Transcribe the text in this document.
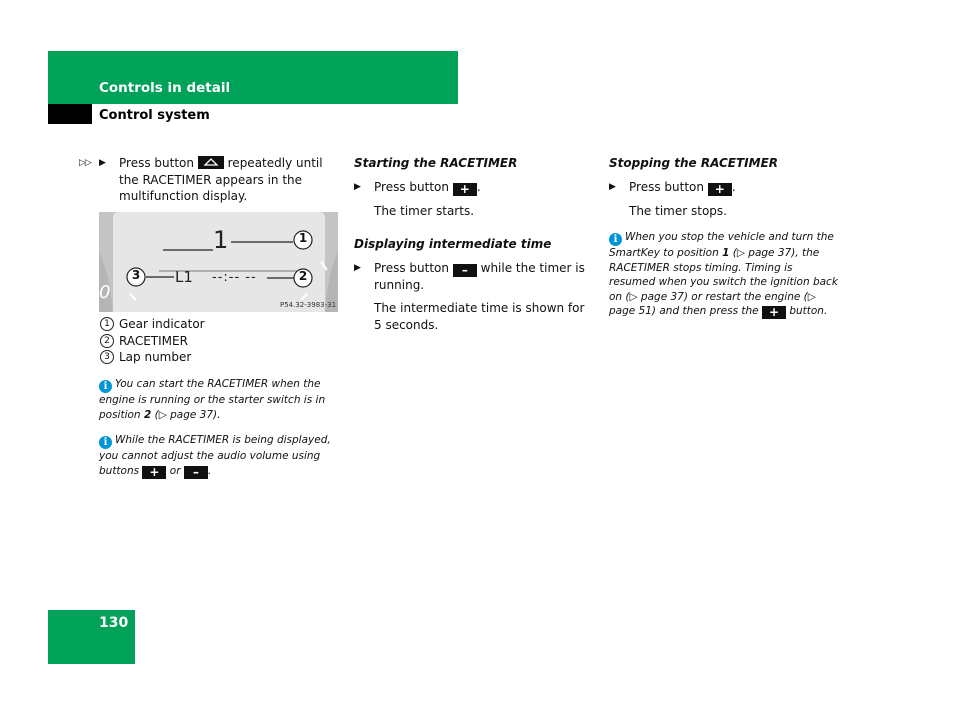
Controls in detail
Control system
▷▷ ▶ Press button	repeatedly until the RACETIMER appears in the multifunction display.
1
L1 --:-- --
1
2
3
0
P54.32-3983-31
1 Gear indicator
2 RACETIMER
3 Lap number
i You can start the RACETIMER when the engine is running or the starter switch is in position 2 (▷ page 37).
i While the RACETIMER is being displayed, you cannot adjust the audio volume using buttons + or – .
Starting the RACETIMER
▶ Press button + .
The timer starts.
Displaying intermediate time
▶ Press button – while the timer is running.
The intermediate time is shown for 5 seconds.
Stopping the RACETIMER
▶ Press button + .
The timer stops.
i When you stop the vehicle and turn the SmartKey to position 1 (▷ page 37), the RACETIMER stops timing. Timing is resumed when you switch the ignition back on (▷ page 37) or restart the engine (▷ page 51) and then press the + button.
130
